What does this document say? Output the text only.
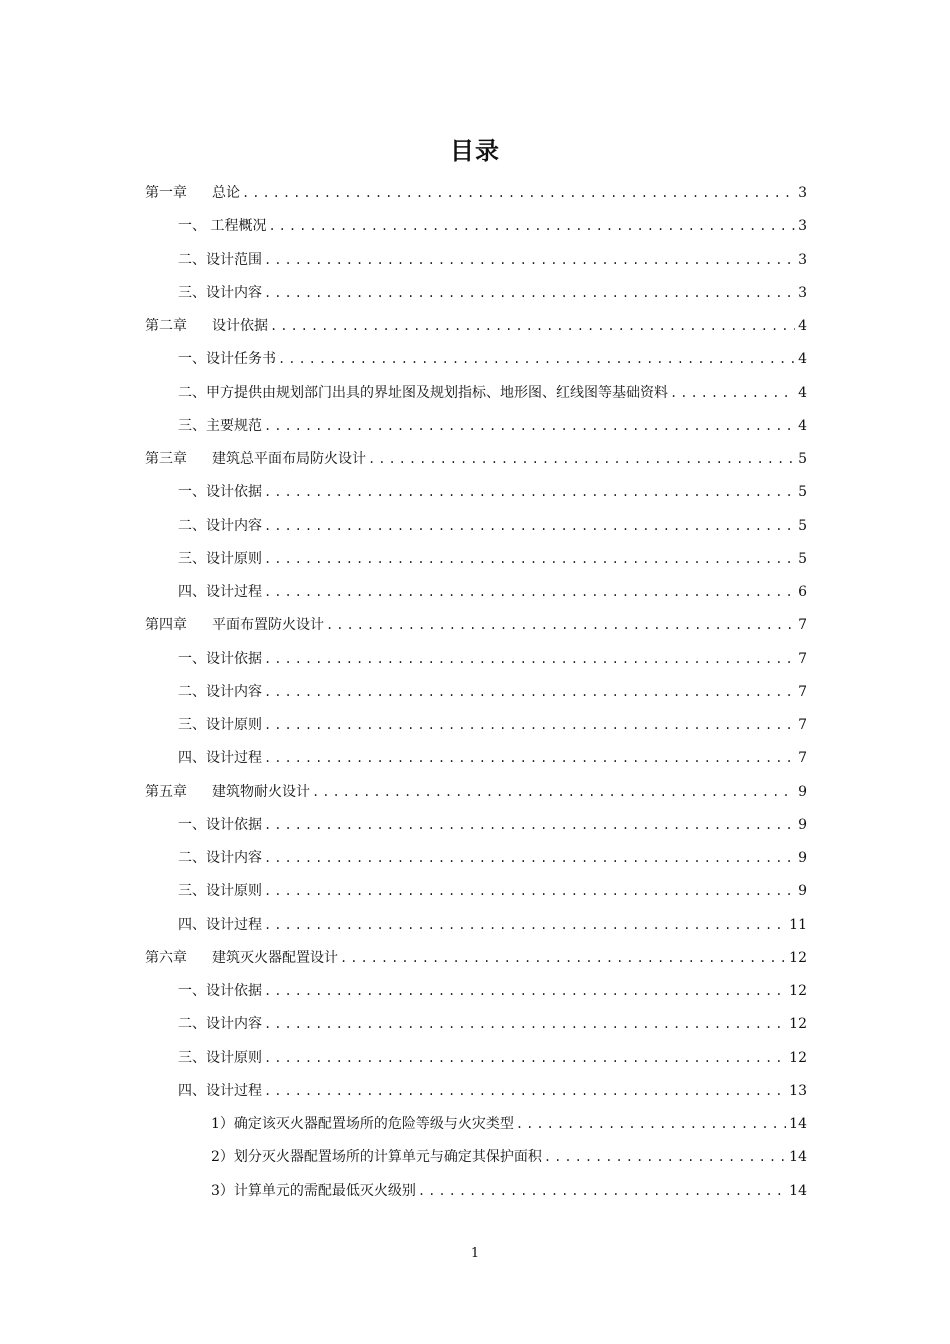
目录
第一章	总论 .....	3
一、 工程概况 .....	3
二、 设计范围 .....	3
三、 设计内容 .....	3
第二章	设计依据 .....	4
一、 设计任务书 .....	4
二、 甲方提供由规划部门出具的界址图及规划指标、地形图、红线图等基础资料 .....	4
三、 主要规范 .....	4
第三章	建筑总平面布局防火设计 .....	5
一、 设计依据 .....	5
二、 设计内容 .....	5
三、 设计原则 .....	5
四、 设计过程 .....	6
第四章	平面布置防火设计 .....	7
一、 设计依据 .....	7
二、 设计内容 .....	7
三、 设计原则 .....	7
四、 设计过程 .....	7
第五章	建筑物耐火设计 .....	9
一、 设计依据 .....	9
二、 设计内容 .....	9
三、 设计原则 .....	9
四、 设计过程 .....	11
第六章	建筑灭火器配置设计 .....	12
一、 设计依据 .....	12
二、 设计内容 .....	12
三、 设计原则 .....	12
四、 设计过程 .....	13
1） 确定该灭火器配置场所的危险等级与火灾类型 .....	14
2） 划分灭火器配置场所的计算单元与确定其保护面积 .....	14
3） 计算单元的需配最低灭火级别 .....	14
1
